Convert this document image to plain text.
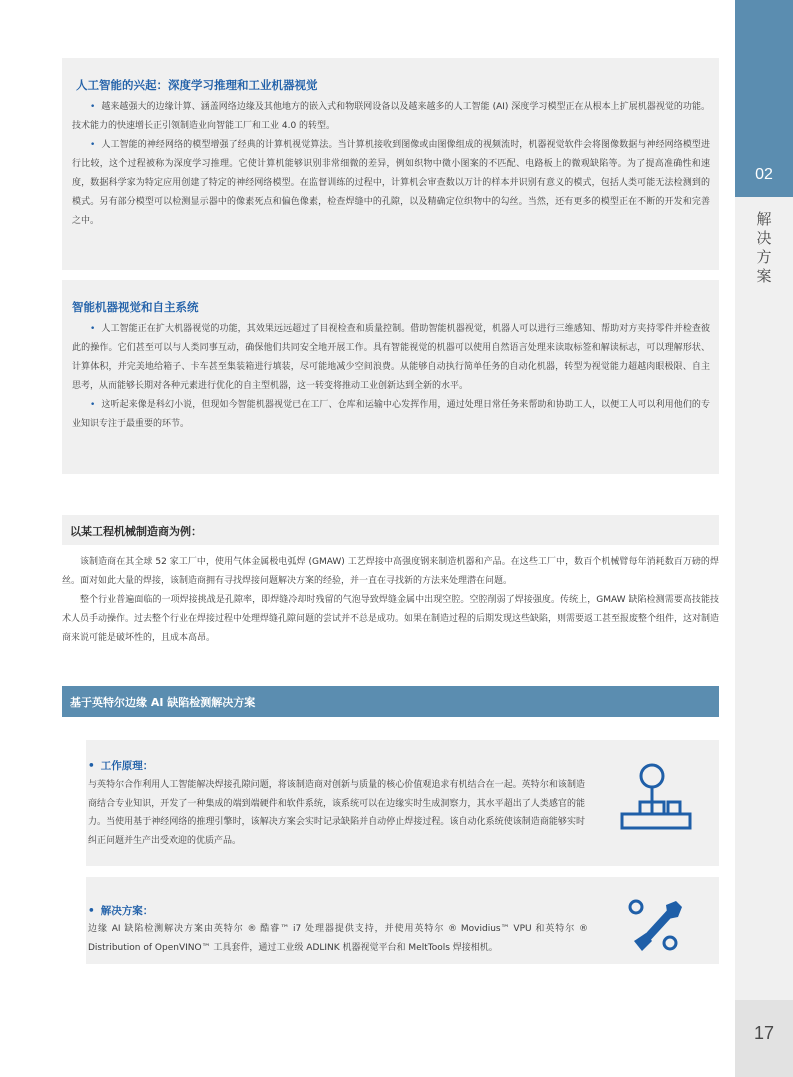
02
解
决
方
案
17
人工智能的兴起：深度学习推理和工业机器视觉

• 越来越强大的边缘计算、涵盖网络边缘及其他地方的嵌入式和物联网设备以及越来越多的人工智能 (AI) 深度学习模型正在从根本上扩展机器视觉的功能。技术能力的快速增长正引领制造业向智能工厂和工业 4.0 的转型。

• 人工智能的神经网络的模型增强了经典的计算机视觉算法。当计算机接收到图像或由图像组成的视频流时，机器视觉软件会将图像数据与神经网络模型进行比较，这个过程被称为深度学习推理。它使计算机能够识别非常细微的差异，例如织物中微小图案的不匹配、电路板上的微观缺陷等。为了提高准确性和速度，数据科学家为特定应用创建了特定的神经网络模型。在监督训练的过程中，计算机会审查数以万计的样本并识别有意义的模式，包括人类可能无法检测到的模式。另有部分模型可以检测显示器中的像素死点和偏色像素，检查焊缝中的孔隙，以及精确定位织物中的勾丝。当然，还有更多的模型正在不断的开发和完善之中。

智能机器视觉和自主系统

• 人工智能正在扩大机器视觉的功能，其效果远远超过了目视检查和质量控制。借助智能机器视觉，机器人可以进行三维感知、帮助对方夹持零件并检查彼此的操作。它们甚至可以与人类同事互动，确保他们共同安全地开展工作。具有智能视觉的机器可以使用自然语言处理来读取标签和解读标志，可以理解形状、计算体积，并完美地给箱子、卡车甚至集装箱进行填装，尽可能地减少空间浪费。从能够自动执行简单任务的自动化机器，转型为视觉能力超越肉眼极限、自主思考，从而能够长期对各种元素进行优化的自主型机器，这一转变将推动工业创新达到全新的水平。

• 这听起来像是科幻小说，但现如今智能机器视觉已在工厂、仓库和运输中心发挥作用，通过处理日常任务来帮助和协助工人，以便工人可以利用他们的专业知识专注于最重要的环节。

以某工程机械制造商为例：

该制造商在其全球 52 家工厂中，使用气体金属极电弧焊 (GMAW) 工艺焊接中高强度钢来制造机器和产品。在这些工厂中，数百个机械臂每年消耗数百万磅的焊丝。面对如此大量的焊接，该制造商拥有寻找焊接问题解决方案的经验，并一直在寻找新的方法来处理潜在问题。

整个行业普遍面临的一项焊接挑战是孔隙率，即焊缝冷却时残留的气泡导致焊缝金属中出现空腔。空腔削弱了焊接强度。传统上，GMAW 缺陷检测需要高技能技术人员手动操作。过去整个行业在焊接过程中处理焊缝孔隙问题的尝试并不总是成功。如果在制造过程的后期发现这些缺陷，则需要返工甚至报废整个组件，这对制造商来说可能是破坏性的，且成本高昂。

基于英特尔边缘 AI 缺陷检测解决方案
• 工作原理：
与英特尔合作利用人工智能解决焊接孔隙问题，将该制造商对创新与质量的核心价值观追求有机结合在一起。英特尔和该制造商结合专业知识，开发了一种集成的端到端硬件和软件系统，该系统可以在边缘实时生成洞察力，其水平超出了人类感官的能力。当使用基于神经网络的推理引擎时，该解决方案会实时记录缺陷并自动停止焊接过程。该自动化系统使该制造商能够实时纠正问题并生产出受欢迎的优质产品。
• 解决方案：
边缘 AI 缺陷检测解决方案由英特尔 ® 酷睿™ i7 处理器提供支持，并使用英特尔 ® Movidius™ VPU 和英特尔 ® Distribution of OpenVINO™ 工具套件，通过工业级 ADLINK 机器视觉平台和 MeltTools 焊接相机。
